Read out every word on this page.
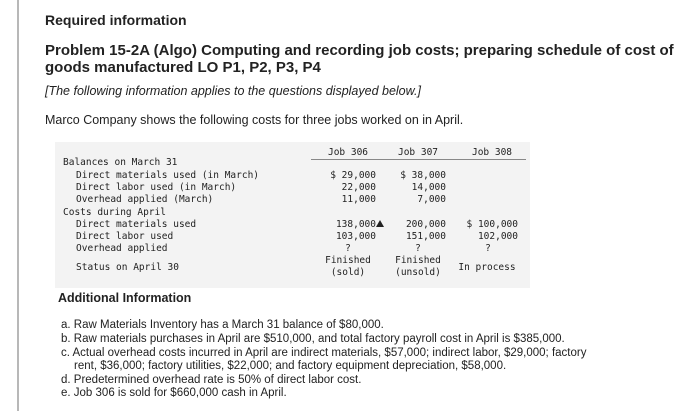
Required information
Problem 15-2A (Algo) Computing and recording job costs; preparing schedule of cost of
goods manufactured LO P1, P2, P3, P4
[The following information applies to the questions displayed below.]
Marco Company shows the following costs for three jobs worked on in April.
Job 306	Job 307	Job 308
Balances on March 31
Costs during April
Direct materials used (in March)
Direct labor used (in March)
Overhead applied (March)
Direct materials used
Direct labor used
Overhead applied
Status on April 30
$ 29,000
22,000
11,000
138,000
103,000
?
Finished
(sold)
$ 38,000
14,000
7,000
200,000
151,000
?
Finished
(unsold)
$ 100,000
102,000
?
In process
Additional Information
a. Raw Materials Inventory has a March 31 balance of $80,000.
b. Raw materials purchases in April are $510,000, and total factory payroll cost in April is $385,000.
c. Actual overhead costs incurred in April are indirect materials, $57,000; indirect labor, $29,000; factory
rent, $36,000; factory utilities, $22,000; and factory equipment depreciation, $58,000.
d. Predetermined overhead rate is 50% of direct labor cost.
e. Job 306 is sold for $660,000 cash in April.
